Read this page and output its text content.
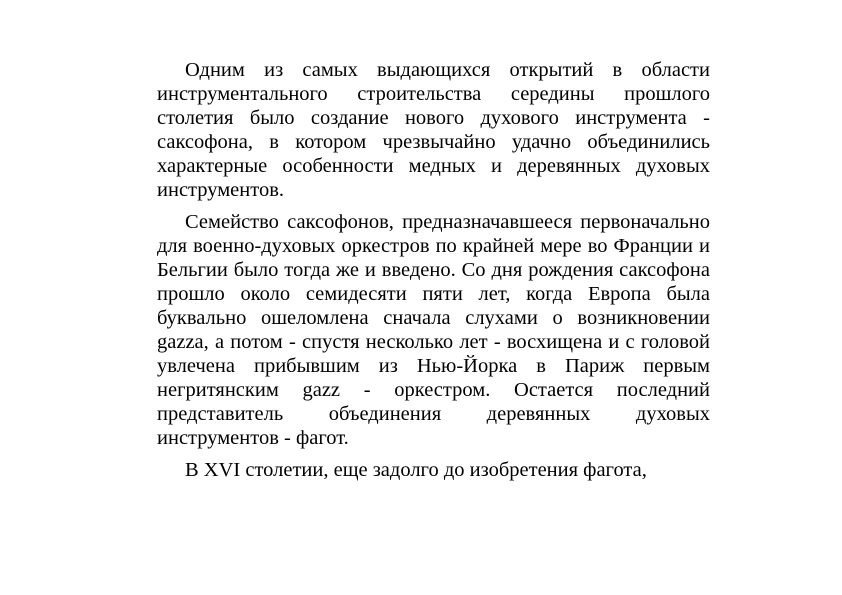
Одним из самых выдающихся открытий в области инструментального строительства середины прошлого столетия было создание нового духового инструмента - саксофона, в котором чрезвычайно удачно объединились характерные особенности медных и деревянных духовых инструментов.

Семейство саксофонов, предназначавшееся первоначально для военно-духовых оркестров по крайней мере во Франции и Бельгии было тогда же и введено. Со дня рождения саксофона прошло около семидесяти пяти лет, когда Европа была буквально ошеломлена сначала слухами о возникновении gazza, а потом - спустя несколько лет - восхищена и с головой увлечена прибывшим из Нью-Йорка в Париж первым негритянским gazz - оркестром. Остается последний представитель объединения деревянных духовых инструментов - фагот.

В XVI столетии, еще задолго до изобретения фагота,
